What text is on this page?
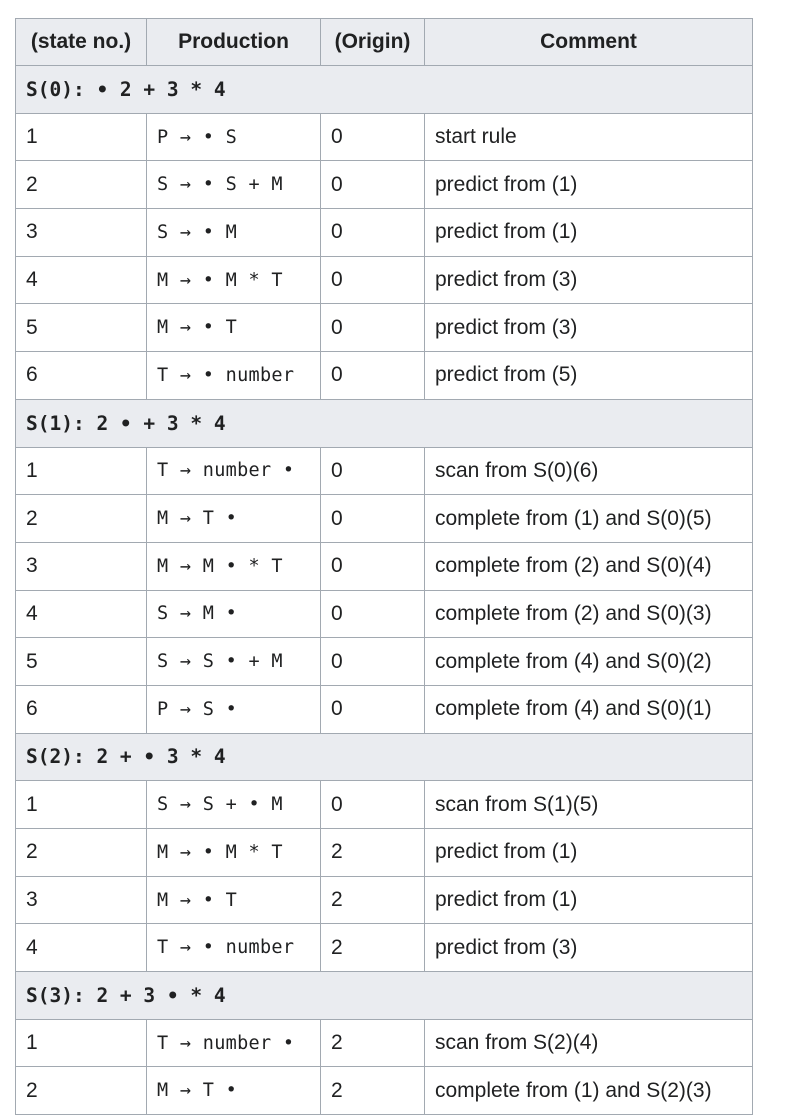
(state no.)	Production	(Origin)	Comment
S(0): • 2 + 3 * 4			
1	P → • S	0	start rule
2	S → • S + M	0	predict from (1)
3	S → • M	0	predict from (1)
4	M → • M * T	0	predict from (3)
5	M → • T	0	predict from (3)
6	T → • number	0	predict from (5)
S(1): 2 • + 3 * 4			
1	T → number •	0	scan from S(0)(6)
2	M → T •	0	complete from (1) and S(0)(5)
3	M → M • * T	0	complete from (2) and S(0)(4)
4	S → M •	0	complete from (2) and S(0)(3)
5	S → S • + M	0	complete from (4) and S(0)(2)
6	P → S •	0	complete from (4) and S(0)(1)
S(2): 2 + • 3 * 4			
1	S → S + • M	0	scan from S(1)(5)
2	M → • M * T	2	predict from (1)
3	M → • T	2	predict from (1)
4	T → • number	2	predict from (3)
S(3): 2 + 3 • * 4			
1	T → number •	2	scan from S(2)(4)
2	M → T •	2	complete from (1) and S(2)(3)
